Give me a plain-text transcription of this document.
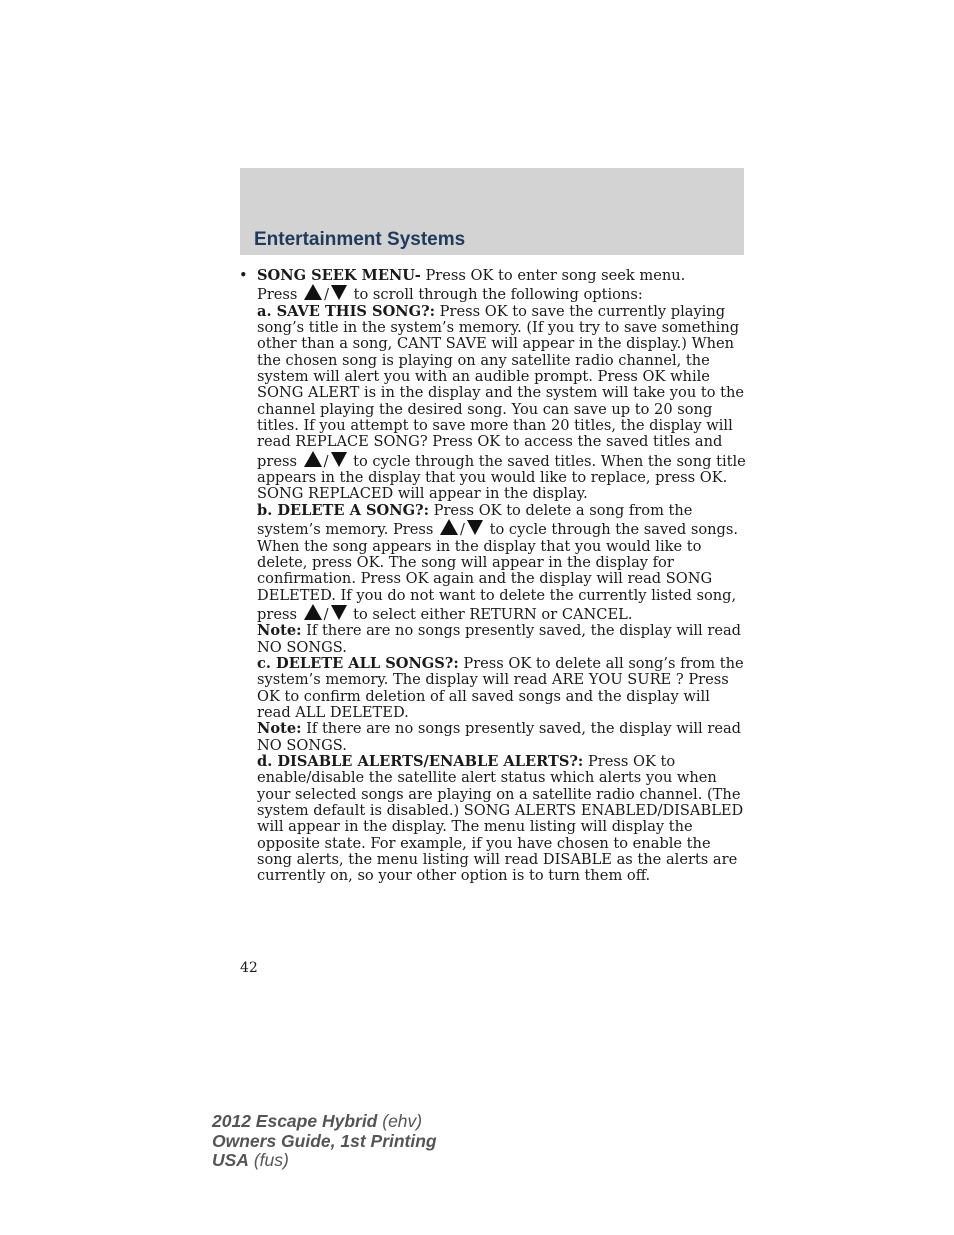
Entertainment Systems

• SONG SEEK MENU- Press OK to enter song seek menu.
Press / to scroll through the following options:

a. SAVE THIS SONG?: Press OK to save the currently playing song’s title in the system’s memory. (If you try to save something other than a song, CANT SAVE will appear in the display.) When the chosen song is playing on any satellite radio channel, the system will alert you with an audible prompt. Press OK while SONG ALERT is in the display and the system will take you to the channel playing the desired song. You can save up to 20 song titles. If you attempt to save more than 20 titles, the display will read REPLACE SONG? Press OK to access the saved titles and press / to cycle through the saved titles. When the song title appears in the display that you would like to replace, press OK. SONG REPLACED will appear in the display.

b. DELETE A SONG?: Press OK to delete a song from the system’s memory. Press / to cycle through the saved songs. When the song appears in the display that you would like to delete, press OK. The song will appear in the display for confirmation. Press OK again and the display will read SONG DELETED. If you do not want to delete the currently listed song, press / to select either RETURN or CANCEL.

Note: If there are no songs presently saved, the display will read NO SONGS.

c. DELETE ALL SONGS?: Press OK to delete all song’s from the system’s memory. The display will read ARE YOU SURE ? Press OK to confirm deletion of all saved songs and the display will read ALL DELETED.

Note: If there are no songs presently saved, the display will read NO SONGS.

d. DISABLE ALERTS/ENABLE ALERTS?: Press OK to enable/disable the satellite alert status which alerts you when your selected songs are playing on a satellite radio channel. (The system default is disabled.) SONG ALERTS ENABLED/DISABLED will appear in the display. The menu listing will display the opposite state. For example, if you have chosen to enable the song alerts, the menu listing will read DISABLE as the alerts are currently on, so your other option is to turn them off.

42
2012 Escape Hybrid (ehv)
Owners Guide, 1st Printing
USA (fus)
